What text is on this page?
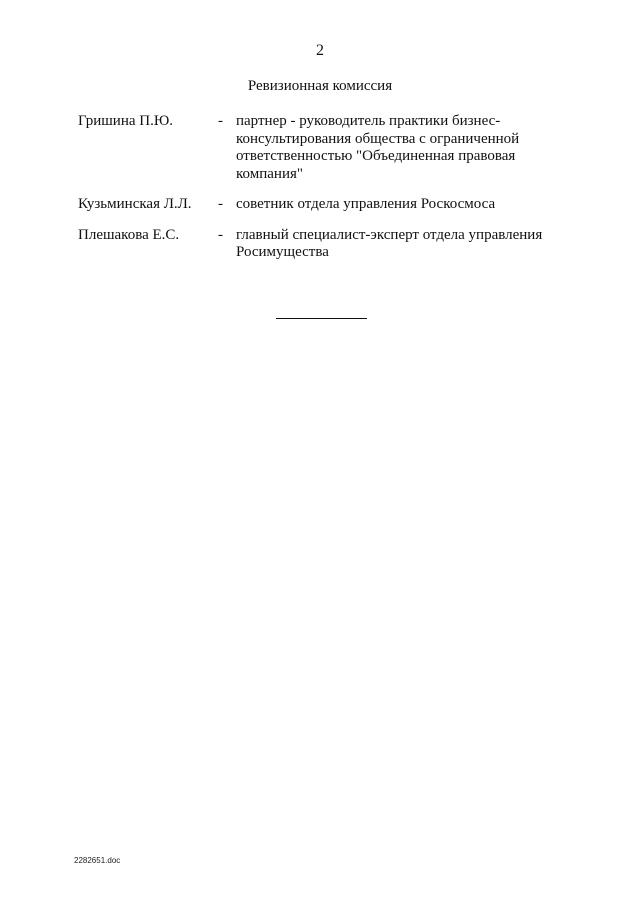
2
Ревизионная комиссия
Гришина П.Ю.	- партнер - руководитель практики бизнес-
консультирования общества с ограниченной
ответственностью "Объединенная правовая
компания"
Кузьминская Л.Л.	- советник отдела управления Роскосмоса
Плешакова Е.С.	- главный специалист-эксперт отдела управления
Росимущества
2282651.doc
